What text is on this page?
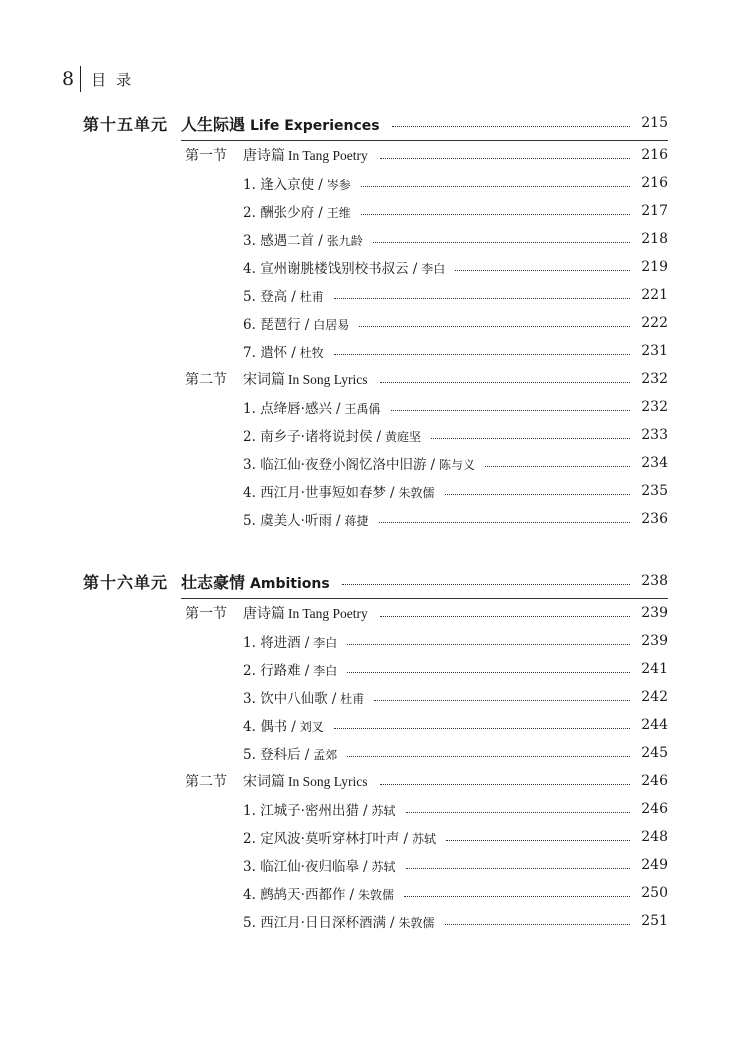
8 目录
第十五单元 人生际遇 Life Experiences	215
第一节	唐诗篇 In Tang Poetry	216
1. 逢入京使 / 岑参	216
2. 酬张少府 / 王维	217
3. 感遇二首 / 张九龄	218
4. 宣州谢朓楼饯别校书叔云 / 李白	219
5. 登高 / 杜甫	221
6. 琵琶行 / 白居易	222
7. 遣怀 / 杜牧	231
第二节	宋词篇 In Song Lyrics	232
1. 点绛唇·感兴 / 王禹偁	232
2. 南乡子·诸将说封侯 / 黄庭坚	233
3. 临江仙·夜登小阁忆洛中旧游 / 陈与义	234
4. 西江月·世事短如春梦 / 朱敦儒	235
5. 虞美人·听雨 / 蒋捷	236
第十六单元 壮志豪情 Ambitions	238
第一节	唐诗篇 In Tang Poetry	239
1. 将进酒 / 李白	239
2. 行路难 / 李白	241
3. 饮中八仙歌 / 杜甫	242
4. 偶书 / 刘叉	244
5. 登科后 / 孟郊	245
第二节	宋词篇 In Song Lyrics	246
1. 江城子·密州出猎 / 苏轼	246
2. 定风波·莫听穿林打叶声 / 苏轼	248
3. 临江仙·夜归临皋 / 苏轼	249
4. 鹧鸪天·西都作 / 朱敦儒	250
5. 西江月·日日深杯酒满 / 朱敦儒	251
